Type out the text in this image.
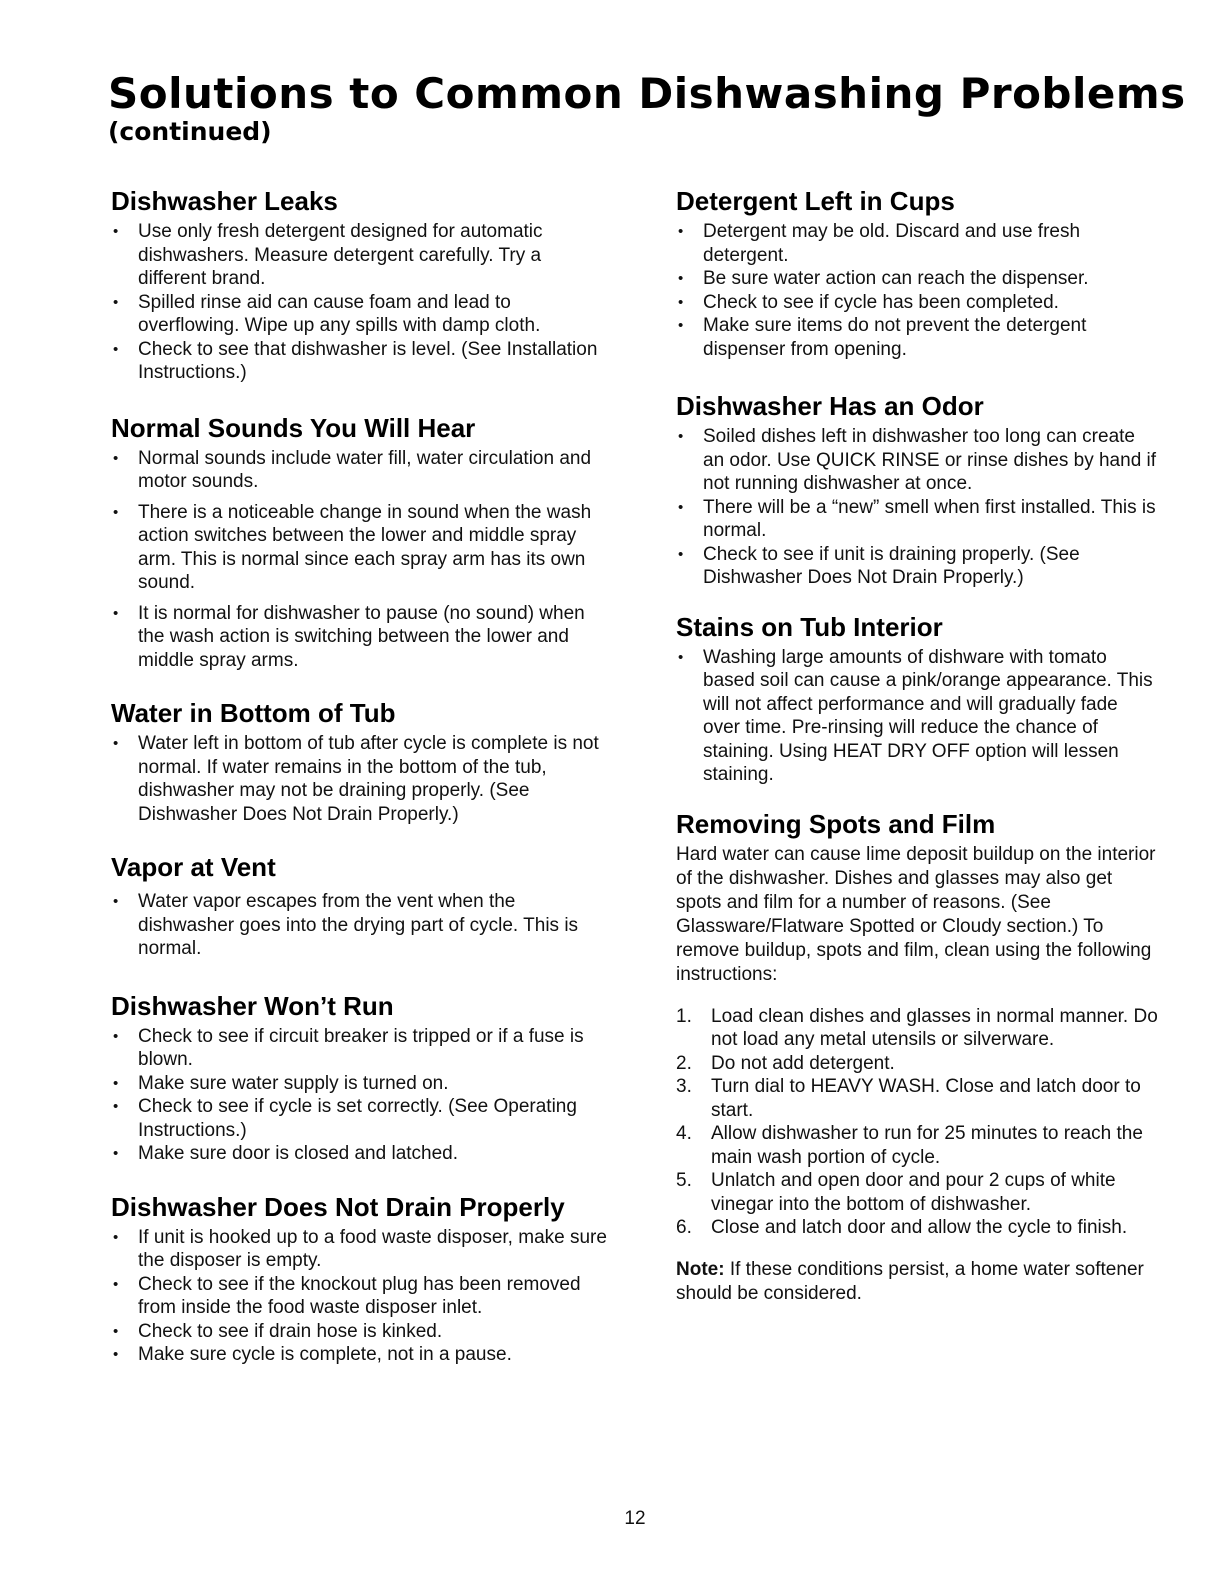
Solutions to Common Dishwashing Problems
(continued)
Dishwasher Leaks
• Use only fresh detergent designed for automatic dishwashers. Measure detergent carefully. Try a different brand.
• Spilled rinse aid can cause foam and lead to overflowing. Wipe up any spills with damp cloth.
• Check to see that dishwasher is level. (See Installation Instructions.)
Normal Sounds You Will Hear
• Normal sounds include water fill, water circulation and motor sounds.
• There is a noticeable change in sound when the wash action switches between the lower and middle spray arm. This is normal since each spray arm has its own sound.
• It is normal for dishwasher to pause (no sound) when the wash action is switching between the lower and middle spray arms.
Water in Bottom of Tub
• Water left in bottom of tub after cycle is complete is not normal. If water remains in the bottom of the tub, dishwasher may not be draining properly. (See Dishwasher Does Not Drain Properly.)
Vapor at Vent
• Water vapor escapes from the vent when the dishwasher goes into the drying part of cycle. This is normal.
Dishwasher Won’t Run
• Check to see if circuit breaker is tripped or if a fuse is blown.
• Make sure water supply is turned on.
• Check to see if cycle is set correctly. (See Operating Instructions.)
• Make sure door is closed and latched.
Dishwasher Does Not Drain Properly
• If unit is hooked up to a food waste disposer, make sure the disposer is empty.
• Check to see if the knockout plug has been removed from inside the food waste disposer inlet.
• Check to see if drain hose is kinked.
• Make sure cycle is complete, not in a pause.
Detergent Left in Cups
• Detergent may be old. Discard and use fresh detergent.
• Be sure water action can reach the dispenser.
• Check to see if cycle has been completed.
• Make sure items do not prevent the detergent dispenser from opening.
Dishwasher Has an Odor
• Soiled dishes left in dishwasher too long can create an odor. Use QUICK RINSE or rinse dishes by hand if not running dishwasher at once.
• There will be a “new” smell when first installed. This is normal.
• Check to see if unit is draining properly. (See Dishwasher Does Not Drain Properly.)
Stains on Tub Interior
• Washing large amounts of dishware with tomato based soil can cause a pink/orange appearance. This will not affect performance and will gradually fade over time. Pre-rinsing will reduce the chance of staining. Using HEAT DRY OFF option will lessen staining.
Removing Spots and Film

Hard water can cause lime deposit buildup on the interior of the dishwasher. Dishes and glasses may also get spots and film for a number of reasons. (See Glassware/Flatware Spotted or Cloudy section.) To remove buildup, spots and film, clean using the following instructions:

1. Load clean dishes and glasses in normal manner. Do not load any metal utensils or silverware.
2. Do not add detergent.
3. Turn dial to HEAVY WASH. Close and latch door to start.
4. Allow dishwasher to run for 25 minutes to reach the main wash portion of cycle.
5. Unlatch and open door and pour 2 cups of white vinegar into the bottom of dishwasher.
6. Close and latch door and allow the cycle to finish.

Note: If these conditions persist, a home water softener should be considered.

12
